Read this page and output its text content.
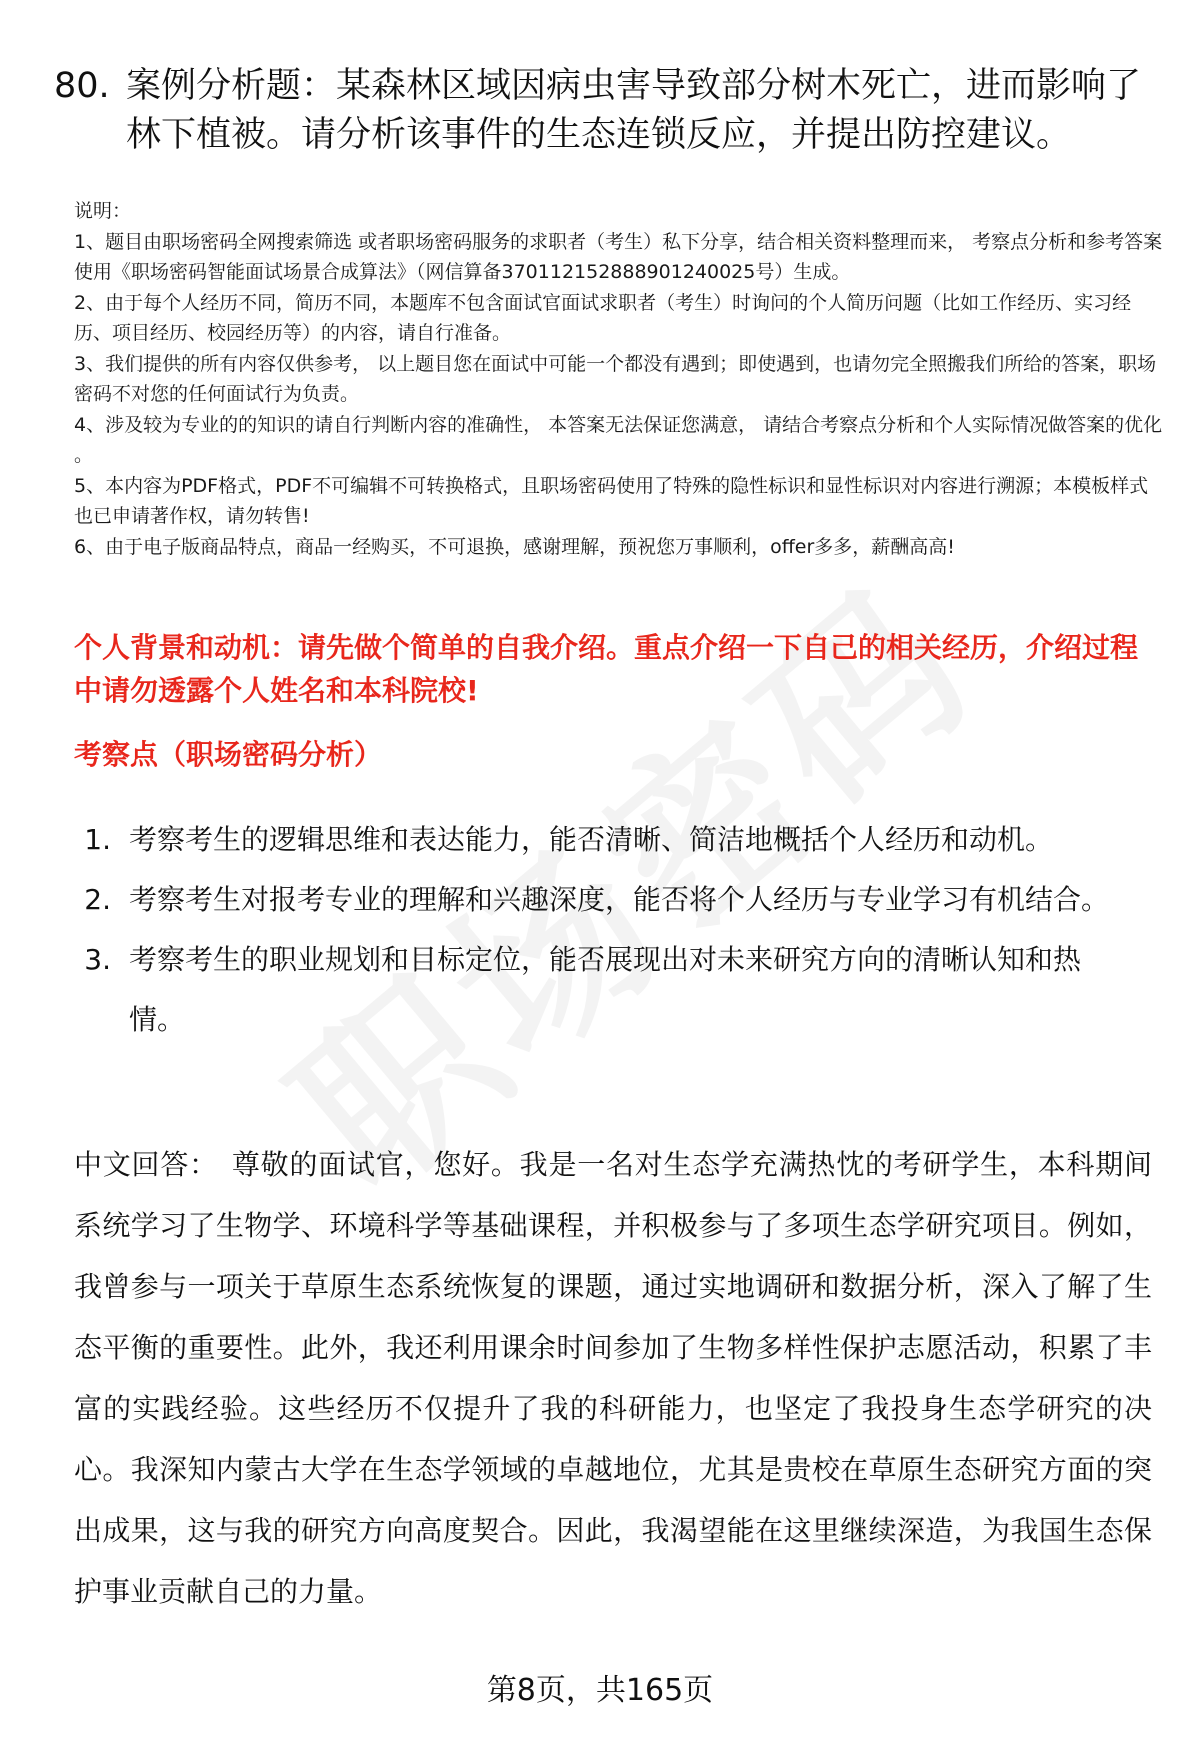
80. 案例分析题：某森林区域因病虫害导致部分树木死亡，进而影响了林下植被。请分析该事件的生态连锁反应，并提出防控建议。
说明：
1、题目由职场密码全网搜索筛选 或者职场密码服务的求职者（考生）私下分享，结合相关资料整理而来， 考察点分析和参考答案使用《职场密码智能面试场景合成算法》（网信算备370112152888901240025号）生成。
2、由于每个人经历不同，简历不同，本题库不包含面试官面试求职者（考生）时询问的个人简历问题（比如工作经历、实习经历、项目经历、校园经历等）的内容，请自行准备。
3、我们提供的所有内容仅供参考， 以上题目您在面试中可能一个都没有遇到；即使遇到，也请勿完全照搬我们所给的答案，职场密码不对您的任何面试行为负责。
4、涉及较为专业的的知识的请自行判断内容的准确性， 本答案无法保证您满意， 请结合考察点分析和个人实际情况做答案的优化 。
5、本内容为PDF格式，PDF不可编辑不可转换格式，且职场密码使用了特殊的隐性标识和显性标识对内容进行溯源；本模板样式也已申请著作权，请勿转售!
6、由于电子版商品特点，商品一经购买，不可退换，感谢理解，预祝您万事顺利，offer多多，薪酬高高!
个人背景和动机：请先做个简单的自我介绍。重点介绍一下自己的相关经历，介绍过程中请勿透露个人姓名和本科院校!
考察点（职场密码分析）
1. 考察考生的逻辑思维和表达能力，能否清晰、简洁地概括个人经历和动机。
2. 考察考生对报考专业的理解和兴趣深度，能否将个人经历与专业学习有机结合。
3. 考察考生的职业规划和目标定位，能否展现出对未来研究方向的清晰认知和热情。
中文回答： 尊敬的面试官，您好。我是一名对生态学充满热忱的考研学生，本科期间系统学习了生物学、环境科学等基础课程，并积极参与了多项生态学研究项目。例如，我曾参与一项关于草原生态系统恢复的课题，通过实地调研和数据分析，深入了解了生态平衡的重要性。此外，我还利用课余时间参加了生物多样性保护志愿活动，积累了丰富的实践经验。这些经历不仅提升了我的科研能力，也坚定了我投身生态学研究的决心。我深知内蒙古大学在生态学领域的卓越地位，尤其是贵校在草原生态研究方面的突出成果，这与我的研究方向高度契合。因此，我渴望能在这里继续深造，为我国生态保护事业贡献自己的力量。
第8页，共165页
